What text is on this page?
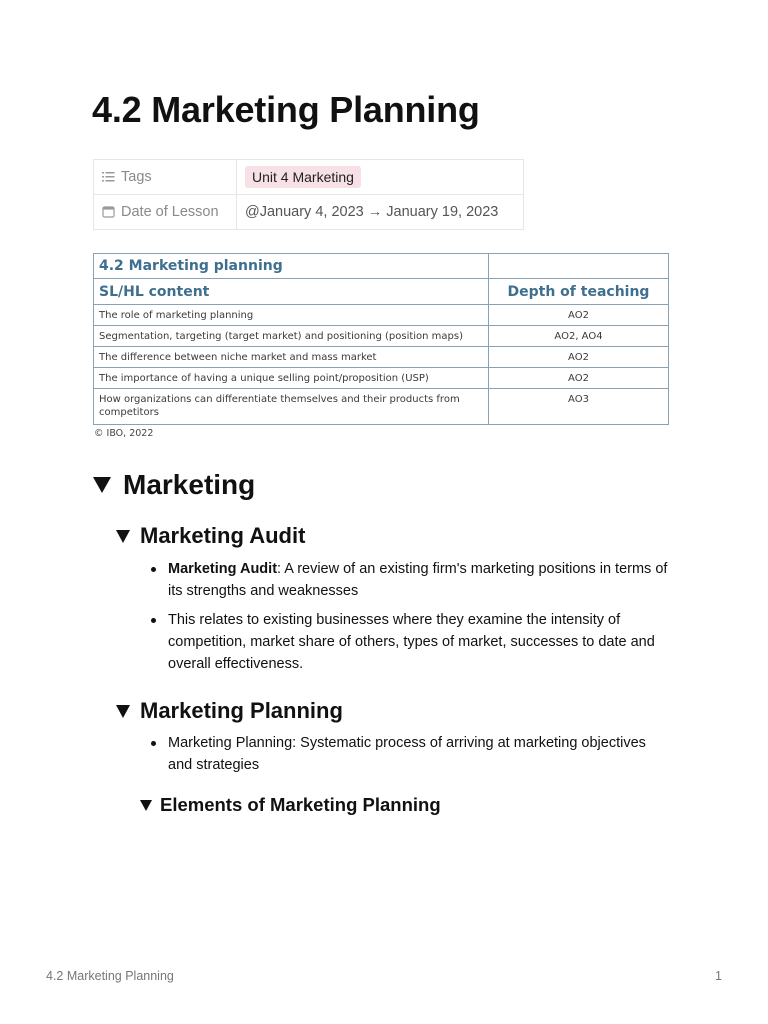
4.2 Marketing Planning
Tags	Unit 4 Marketing
Date of Lesson	@January 4, 2023 → January 19, 2023
4.2 Marketing planning	
SL/HL content	Depth of teaching
The role of marketing planning	AO2
Segmentation, targeting (target market) and positioning (position maps)	AO2, AO4
The difference between niche market and mass market	AO2
The importance of having a unique selling point/proposition (USP)	AO2
How organizations can differentiate themselves and their products from competitors	AO3
© IBO, 2022
Marketing
Marketing Audit
Marketing Audit: A review of an existing firm's marketing positions in terms of its strengths and weaknesses
This relates to existing businesses where they examine the intensity of competition, market share of others, types of market, successes to date and overall effectiveness.
Marketing Planning
Marketing Planning: Systematic process of arriving at marketing objectives and strategies
Elements of Marketing Planning
4.2 Marketing Planning	1
